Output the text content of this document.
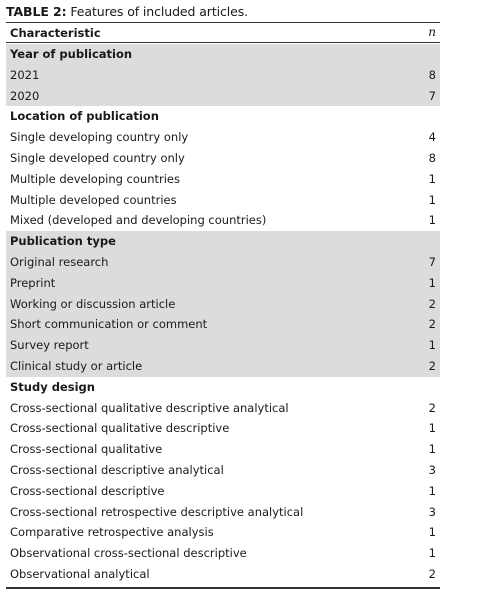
TABLE 2: Features of included articles.
Characteristic	n
Year of publication
2021	8
2020	7
Location of publication
Single developing country only	4
Single developed country only	8
Multiple developing countries	1
Multiple developed countries	1
Mixed (developed and developing countries)	1
Publication type
Original research	7
Preprint	1
Working or discussion article	2
Short communication or comment	2
Survey report	1
Clinical study or article	2
Study design
Cross-sectional qualitative descriptive analytical	2
Cross-sectional qualitative descriptive	1
Cross-sectional qualitative	1
Cross-sectional descriptive analytical	3
Cross-sectional descriptive	1
Cross-sectional retrospective descriptive analytical	3
Comparative retrospective analysis	1
Observational cross-sectional descriptive	1
Observational analytical	2
